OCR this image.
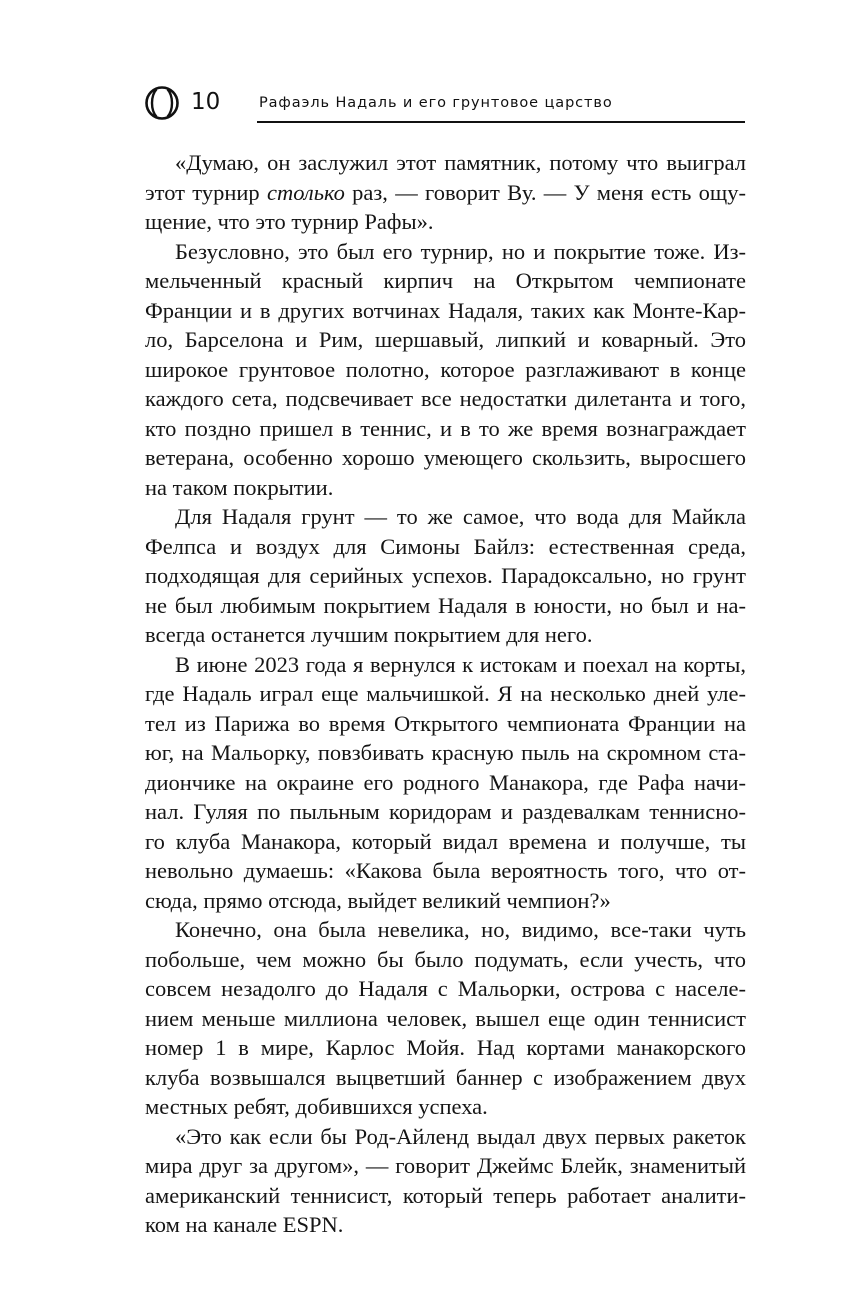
10	Рафаэль Надаль и его грунтовое царство
«Думаю, он заслужил этот памятник, потому что выиграл
этот турнир столько раз, — говорит Ву. — У меня есть ощу-
щение, что это турнир Рафы».
Безусловно, это был его турнир, но и покрытие тоже. Из-
мельченный красный кирпич на Открытом чемпионате
Франции и в других вотчинах Надаля, таких как Монте-Кар-
ло, Барселона и Рим, шершавый, липкий и коварный. Это
широкое грунтовое полотно, которое разглаживают в конце
каждого сета, подсвечивает все недостатки дилетанта и того,
кто поздно пришел в теннис, и в то же время вознаграждает
ветерана, особенно хорошо умеющего скользить, выросшего
на таком покрытии.
Для Надаля грунт — то же самое, что вода для Майкла
Фелпса и воздух для Симоны Байлз: естественная среда,
подходящая для серийных успехов. Парадоксально, но грунт
не был любимым покрытием Надаля в юности, но был и на-
всегда останется лучшим покрытием для него.
В июне 2023 года я вернулся к истокам и поехал на корты,
где Надаль играл еще мальчишкой. Я на несколько дней уле-
тел из Парижа во время Открытого чемпионата Франции на
юг, на Мальорку, повзбивать красную пыль на скромном ста-
диончике на окраине его родного Манакора, где Рафа начи-
нал. Гуляя по пыльным коридорам и раздевалкам теннисно-
го клуба Манакора, который видал времена и получше, ты
невольно думаешь: «Какова была вероятность того, что от-
сюда, прямо отсюда, выйдет великий чемпион?»
Конечно, она была невелика, но, видимо, все-таки чуть
побольше, чем можно бы было подумать, если учесть, что
совсем незадолго до Надаля с Мальорки, острова с населе-
нием меньше миллиона человек, вышел еще один теннисист
номер 1 в мире, Карлос Мойя. Над кортами манакорского
клуба возвышался выцветший баннер с изображением двух
местных ребят, добившихся успеха.
«Это как если бы Род-Айленд выдал двух первых ракеток
мира друг за другом», — говорит Джеймс Блейк, знаменитый
американский теннисист, который теперь работает аналити-
ком на канале ESPN.
